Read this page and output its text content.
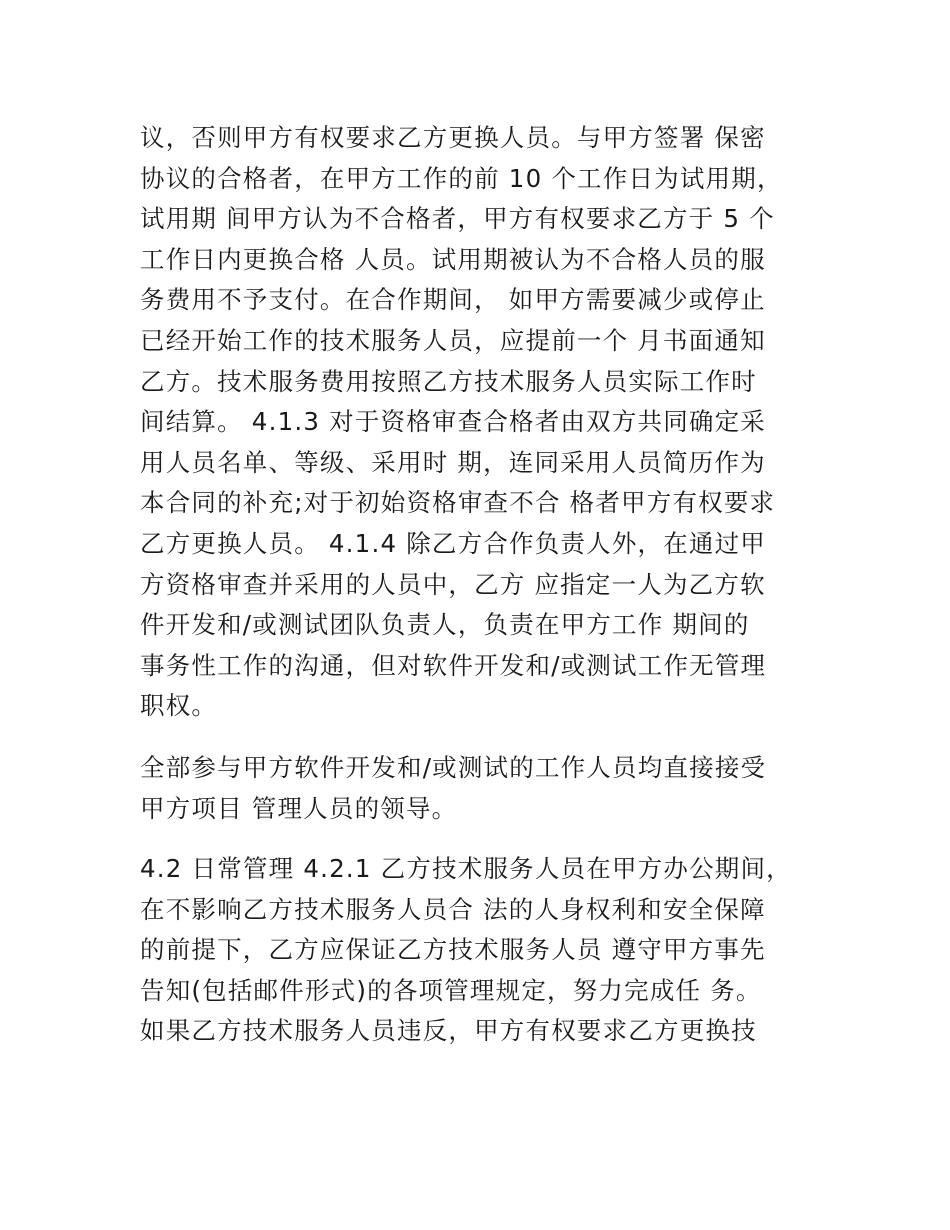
议，否则甲方有权要求乙方更换人员。与甲方签署 保密
协议的合格者，在甲方工作的前 10 个工作日为试用期，
试用期 间甲方认为不合格者，甲方有权要求乙方于 5 个
工作日内更换合格 人员。试用期被认为不合格人员的服
务费用不予支付。在合作期间， 如甲方需要减少或停止
已经开始工作的技术服务人员，应提前一个 月书面通知
乙方。技术服务费用按照乙方技术服务人员实际工作时
间结算。 4.1.3 对于资格审查合格者由双方共同确定采
用人员名单、等级、采用时 期，连同采用人员简历作为
本合同的补充;对于初始资格审查不合 格者甲方有权要求
乙方更换人员。 4.1.4 除乙方合作负责人外，在通过甲
方资格审查并采用的人员中，乙方 应指定一人为乙方软
件开发和/或测试团队负责人，负责在甲方工作 期间的
事务性工作的沟通，但对软件开发和/或测试工作无管理
职权。

全部参与甲方软件开发和/或测试的工作人员均直接接受
甲方项目 管理人员的领导。

4.2 日常管理 4.2.1 乙方技术服务人员在甲方办公期间，
在不影响乙方技术服务人员合 法的人身权利和安全保障
的前提下，乙方应保证乙方技术服务人员 遵守甲方事先
告知(包括邮件形式)的各项管理规定，努力完成任 务。
如果乙方技术服务人员违反，甲方有权要求乙方更换技
